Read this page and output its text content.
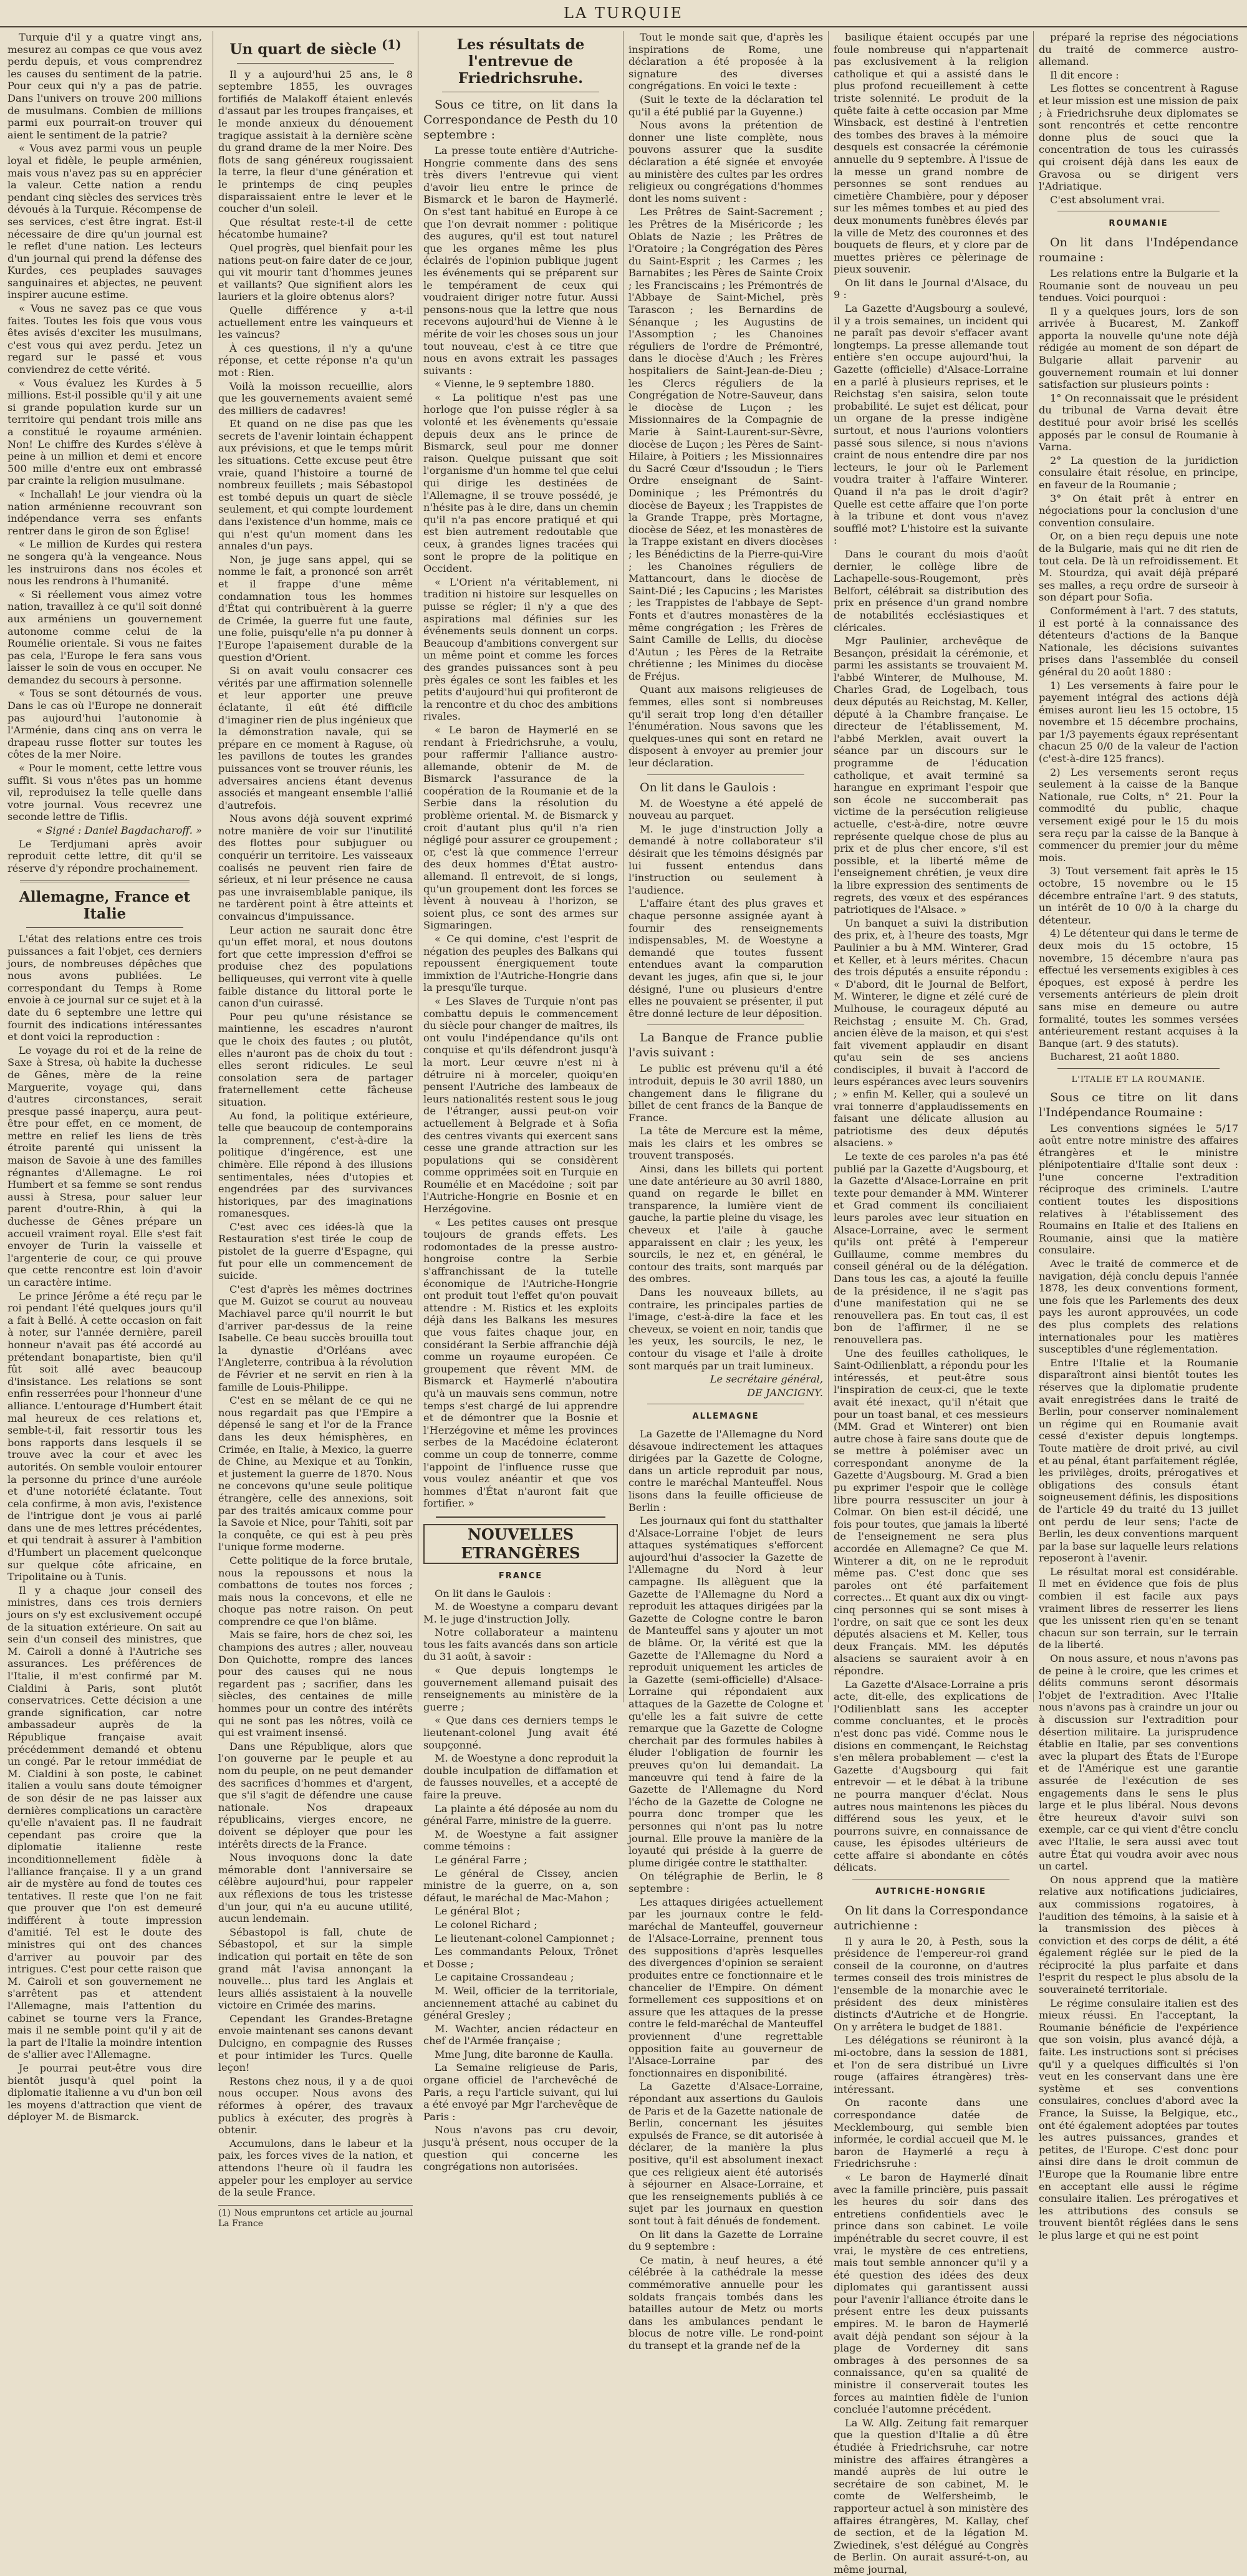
LA TURQUIE

Turquie d'il y a quatre vingt ans, mesurez au compas ce que vous avez perdu depuis, et vous comprendrez les causes du sentiment de la patrie. Pour ceux qui n'y a pas de patrie. Dans l'univers on trouve 200 millions de musulmans. Combien de millions parmi eux pourrait-on trouver qui aient le sentiment de la patrie?

« Vous avez parmi vous un peuple loyal et fidèle, le peuple arménien, mais vous n'avez pas su en apprécier la valeur. Cette nation a rendu pendant cinq siècles des services très dévoués à la Turquie. Récompense de ses services, c'est être ingrat. Est-il nécessaire de dire qu'un journal est le reflet d'une nation. Les lecteurs d'un journal qui prend la défense des Kurdes, ces peuplades sauvages sanguinaires et abjectes, ne peuvent inspirer aucune estime.

« Vous ne savez pas ce que vous faites. Toutes les fois que vous vous êtes avisés d'exciter les musulmans, c'est vous qui avez perdu. Jetez un regard sur le passé et vous conviendrez de cette vérité.

« Vous évaluez les Kurdes à 5 millions. Est-il possible qu'il y ait une si grande population kurde sur un territoire qui pendant trois mille ans a constitué le royaume arménien. Non! Le chiffre des Kurdes s'élève à peine à un million et demi et encore 500 mille d'entre eux ont embrassé par crainte la religion musulmane.

« Inchallah! Le jour viendra où la nation arménienne recouvrant son indépendance verra ses enfants rentrer dans le giron de son Église!

« Le million de Kurdes qui restera ne songera qu'à la vengeance. Nous les instruirons dans nos écoles et nous les rendrons à l'humanité.

« Si réellement vous aimez votre nation, travaillez à ce qu'il soit donné aux arméniens un gouvernement autonome comme celui de la Roumélie orientale. Si vous ne faites pas cela, l'Europe le fera sans vous laisser le soin de vous en occuper. Ne demandez du secours à personne.

« Tous se sont détournés de vous. Dans le cas où l'Europe ne donnerait pas aujourd'hui l'autonomie à l'Arménie, dans cinq ans on verra le drapeau russe flotter sur toutes les côtes de la mer Noire.

« Pour le moment, cette lettre vous suffit. Si vous n'êtes pas un homme vil, reproduisez la telle quelle dans votre journal. Vous recevrez une seconde lettre de Tiflis.

« Signé : Daniel Bagdacharoff. »

Le Terdjumani après avoir reproduit cette lettre, dit qu'il se réserve d'y répondre prochainement.

Allemagne, France et Italie

L'état des relations entre ces trois puissances a fait l'objet, ces derniers jours, de nombreuses dépêches que nous avons publiées. Le correspondant du Temps à Rome envoie à ce journal sur ce sujet et à la date du 6 septembre une lettre qui fournit des indications intéressantes et dont voici la reproduction :

Le voyage du roi et de la reine de Saxe à Stresa, où habite la duchesse de Gênes, mère de la reine Marguerite, voyage qui, dans d'autres circonstances, serait presque passé inaperçu, aura peut-être pour effet, en ce moment, de mettre en relief les liens de très étroite parenté qui unissent la maison de Savoie à une des familles régnantes d'Allemagne. Le roi Humbert et sa femme se sont rendus aussi à Stresa, pour saluer leur parent d'outre-Rhin, à qui la duchesse de Gênes prépare un accueil vraiment royal. Elle s'est fait envoyer de Turin la vaisselle et l'argenterie de cour, ce qui prouve que cette rencontre est loin d'avoir un caractère intime.

Le prince Jérôme a été reçu par le roi pendant l'été quelques jours qu'il a fait à Bellé. À cette occasion on fait à noter, sur l'année dernière, pareil honneur n'avait pas été accordé au prétendant bonapartiste, bien qu'il fût soit allé avec beaucoup d'insistance. Les relations se sont enfin resserrées pour l'honneur d'une alliance. L'entourage d'Humbert était mal heureux de ces relations et, semble-t-il, fait ressortir tous les bons rapports dans lesquels il se trouve avec la cour et avec les autorités. On semble vouloir entourer la personne du prince d'une auréole et d'une notoriété éclatante. Tout cela confirme, à mon avis, l'existence de l'intrigue dont je vous ai parlé dans une de mes lettres précédentes, et qui tendrait à assurer à l'ambition d'Humbert un placement quelconque sur quelque côte africaine, en Tripolitaine ou à Tunis.

Il y a chaque jour conseil des ministres, dans ces trois derniers jours on s'y est exclusivement occupé de la situation extérieure. On sait au sein d'un conseil des ministres, que M. Cairoli a donné à l'Autriche ses assurances. Les préférences de l'Italie, il m'est confirmé par M. Cialdini à Paris, sont plutôt conservatrices. Cette décision a une grande signification, car notre ambassadeur auprès de la République française avait précédemment demandé et obtenu un congé. Par le retour immédiat de M. Cialdini à son poste, le cabinet italien a voulu sans doute témoigner de son désir de ne pas laisser aux dernières complications un caractère qu'elle n'avaient pas. Il ne faudrait cependant pas croire que la diplomatie italienne reste inconditionnellement fidèle à l'alliance française. Il y a un grand air de mystère au fond de toutes ces tentatives. Il reste que l'on ne fait que prouver que l'on est demeuré indifférent à toute impression d'amitié. Tel est le doute des ministres qui ont des chances d'arriver au pouvoir par des intrigues. C'est pour cette raison que M. Cairoli et son gouvernement ne s'arrêtent pas et attendent l'Allemagne, mais l'attention du cabinet se tourne vers la France, mais il ne semble point qu'il y ait de la part de l'Italie la moindre intention de s'allier avec l'Allemagne.

Je pourrai peut-être vous dire bientôt jusqu'à quel point la diplomatie italienne a vu d'un bon œil les moyens d'attraction que vient de déployer M. de Bismarck.

Un quart de siècle $^{(1)}$

Il y a aujourd'hui 25 ans, le 8 septembre 1855, les ouvrages fortifiés de Malakoff étaient enlevés d'assaut par les troupes françaises, et le monde anxieux du dénouement tragique assistait à la dernière scène du grand drame de la mer Noire. Des flots de sang généreux rougissaient la terre, la fleur d'une génération et le printemps de cinq peuples disparaissaient entre le lever et le coucher d'un soleil.

Que résultat reste-t-il de cette hécatombe humaine?

Quel progrès, quel bienfait pour les nations peut-on faire dater de ce jour, qui vit mourir tant d'hommes jeunes et vaillants? Que signifient alors les lauriers et la gloire obtenus alors?

Quelle différence y a-t-il actuellement entre les vainqueurs et les vaincus?

À ces questions, il n'y a qu'une réponse, et cette réponse n'a qu'un mot : Rien.

Voilà la moisson recueillie, alors que les gouvernements avaient semé des milliers de cadavres!

Et quand on ne dise pas que les secrets de l'avenir lointain échappent aux prévisions, et que le temps mûrit les situations. Cette excuse peut être vraie, quand l'histoire a tourné de nombreux feuillets ; mais Sébastopol est tombé depuis un quart de siècle seulement, et qui compte lourdement dans l'existence d'un homme, mais ce qui n'est qu'un moment dans les annales d'un pays.

Non, je juge sans appel, qui se nomme le fait, a prononcé son arrêt et il frappe d'une même condamnation tous les hommes d'État qui contribuèrent à la guerre de Crimée, la guerre fut une faute, une folie, puisqu'elle n'a pu donner à l'Europe l'apaisement durable de la question d'Orient.

Si on avait voulu consacrer ces vérités par une affirmation solennelle et leur apporter une preuve éclatante, il eût été difficile d'imaginer rien de plus ingénieux que la démonstration navale, qui se prépare en ce moment à Raguse, où les pavillons de toutes les grandes puissances vont se trouver réunis, les adversaires anciens étant devenus associés et mangeant ensemble l'allié d'autrefois.

Nous avons déjà souvent exprimé notre manière de voir sur l'inutilité des flottes pour subjuguer ou conquérir un territoire. Les vaisseaux coalisés ne peuvent rien faire de sérieux, et ni leur présence ne causa pas une invraisemblable panique, ils ne tardèrent point à être atteints et convaincus d'impuissance.

Leur action ne saurait donc être qu'un effet moral, et nous doutons fort que cette impression d'effroi se produise chez des populations belliqueuses, qui verront vite à quelle faible distance du littoral porte le canon d'un cuirassé.

Pour peu qu'une résistance se maintienne, les escadres n'auront que le choix des fautes ; ou plutôt, elles n'auront pas de choix du tout : elles seront ridicules. Le seul consolation sera de partager fraternellement cette fâcheuse situation.

Au fond, la politique extérieure, telle que beaucoup de contemporains la comprennent, c'est-à-dire la politique d'ingérence, est une chimère. Elle répond à des illusions sentimentales, nées d'utopies et engendrées par des survivances historiques, par des imaginations romanesques.

C'est avec ces idées-là que la Restauration s'est tirée le coup de pistolet de la guerre d'Espagne, qui fut pour elle un commencement de suicide.

C'est d'après les mêmes doctrines que M. Guizot se courut au nouveau Machiavel parce qu'il nourrit le but d'arriver par-dessus de la reine Isabelle. Ce beau succès brouilla tout la dynastie d'Orléans avec l'Angleterre, contribua à la révolution de Février et ne servit en rien à la famille de Louis-Philippe.

C'est en se mêlant de ce qui ne nous regardait pas que l'Empire a dépensé le sang et l'or de la France dans les deux hémisphères, en Crimée, en Italie, à Mexico, la guerre de Chine, au Mexique et au Tonkin, et justement la guerre de 1870. Nous ne concevons qu'une seule politique étrangère, celle des annexions, soit par des traités amicaux comme pour la Savoie et Nice, pour Tahiti, soit par la conquête, ce qui est à peu près l'unique forme moderne.

Cette politique de la force brutale, nous la repoussons et nous la combattons de toutes nos forces ; mais nous la concevons, et elle ne choque pas notre raison. On peut comprendre ce que l'on blâme.

Mais se faire, hors de chez soi, les champions des autres ; aller, nouveau Don Quichotte, rompre des lances pour des causes qui ne nous regardent pas ; sacrifier, dans les siècles, des centaines de mille hommes pour un contre des intérêts qui ne sont pas les nôtres, voilà ce qui est vraiment insensé.

Dans une République, alors que l'on gouverne par le peuple et au nom du peuple, on ne peut demander des sacrifices d'hommes et d'argent, que s'il s'agit de défendre une cause nationale. Nos drapeaux républicains, vierges encore, ne doivent se déployer que pour les intérêts directs de la France.

Nous invoquons donc la date mémorable dont l'anniversaire se célèbre aujourd'hui, pour rappeler aux réflexions de tous les tristesse d'un jour, qui n'a eu aucune utilité, aucun lendemain.

Sébastopol is fall, chute de Sébastopol, et sur la simple indication qui portait en tête de son grand mât l'avisa annonçant la nouvelle... plus tard les Anglais et leurs alliés assistaient à la nouvelle victoire en Crimée des marins.

Cependant les Grandes-Bretagne envoie maintenant ses canons devant Dulcigno, en compagnie des Russes et pour intimider les Turcs. Quelle leçon!

Restons chez nous, il y a de quoi nous occuper. Nous avons des réformes à opérer, des travaux publics à exécuter, des progrès à obtenir.

Accumulons, dans le labeur et la paix, les forces vives de la nation, et attendons l'heure où il faudra les appeler pour les employer au service de la seule France.

(1) Nous empruntons cet article au journal La France

Les résultats de l'entrevue de Friedrichsruhe.

Sous ce titre, on lit dans la Correspondance de Pesth du 10 septembre :

La presse toute entière d'Autriche-Hongrie commente dans des sens très divers l'entrevue qui vient d'avoir lieu entre le prince de Bismarck et le baron de Haymerlé. On s'est tant habitué en Europe à ce que l'on devrait nommer : politique des augures, qu'il est tout naturel que les organes même les plus éclairés de l'opinion publique jugent les événements qui se préparent sur le tempérament de ceux qui voudraient diriger notre futur. Aussi pensons-nous que la lettre que nous recevons aujourd'hui de Vienne à le mérite de voir les choses sous un jour tout nouveau, c'est à ce titre que nous en avons extrait les passages suivants :

« Vienne, le 9 septembre 1880.

« La politique n'est pas une horloge que l'on puisse régler à sa volonté et les évènements qu'essaie depuis deux ans le prince de Bismarck, seul pour me donner raison. Quelque puissant que soit l'organisme d'un homme tel que celui qui dirige les destinées de l'Allemagne, il se trouve possédé, je n'hésite pas à le dire, dans un chemin qu'il n'a pas encore pratiqué et qui est bien autrement redoutable que ceux, à grandes lignes tracées qui sont le propre de la politique en Occident.

« L'Orient n'a véritablement, ni tradition ni histoire sur lesquelles on puisse se régler; il n'y a que des aspirations mal définies sur les événements seuls donnent un corps. Beaucoup d'ambitions convergent sur un même point et comme les forces des grandes puissances sont à peu près égales ce sont les faibles et les petits d'aujourd'hui qui profiteront de la rencontre et du choc des ambitions rivales.

« Le baron de Haymerlé en se rendant à Friedrichsruhe, a voulu, pour raffermir l'alliance austro-allemande, obtenir de M. de Bismarck l'assurance de la coopération de la Roumanie et de la Serbie dans la résolution du problème oriental. M. de Bismarck y croit d'autant plus qu'il n'a rien négligé pour assurer ce groupement ; or, c'est là que commence l'erreur des deux hommes d'État austro-allemand. Il entrevoit, de si longs, qu'un groupement dont les forces se lèvent à nouveau à l'horizon, se soient plus, ce sont des armes sur Sigmaringen.

« Ce qui domine, c'est l'esprit de négation des peuples des Balkans qui repoussent énergiquement toute immixtion de l'Autriche-Hongrie dans la presqu'île turque.

« Les Slaves de Turquie n'ont pas combattu depuis le commencement du siècle pour changer de maîtres, ils ont voulu l'indépendance qu'ils ont conquise et qu'ils défendront jusqu'à la mort. Leur œuvre n'est ni à détruire ni à morceler, quoiqu'en pensent l'Autriche des lambeaux de leurs nationalités restent sous le joug de l'étranger, aussi peut-on voir actuellement à Belgrade et à Sofia des centres vivants qui exercent sans cesse une grande attraction sur les populations qui se considèrent comme opprimées soit en Turquie en Roumélie et en Macédoine ; soit par l'Autriche-Hongrie en Bosnie et en Herzégovine.

« Les petites causes ont presque toujours de grands effets. Les rodomontades de la presse austro-hongroise contre la Serbie s'affranchissant de la tutelle économique de l'Autriche-Hongrie ont produit tout l'effet qu'on pouvait attendre : M. Ristics et les exploits déjà dans les Balkans les mesures que vous faites chaque jour, en considérant la Serbie affranchie déjà comme un royaume européen. Ce groupement que rêvent MM. de Bismarck et Haymerlé n'aboutira qu'à un mauvais sens commun, notre temps s'est chargé de lui apprendre et de démontrer que la Bosnie et l'Herzégovine et même les provinces serbes de la Macédoine éclateront comme un coup de tonnerre, comme l'appoint de l'influence russe que vous voulez anéantir et que vos hommes d'État n'auront fait que fortifier. »

NOUVELLES ETRANGÈRES
FRANCE

On lit dans le Gaulois :

M. de Woestyne a comparu devant M. le juge d'instruction Jolly.

Notre collaborateur a maintenu tous les faits avancés dans son article du 31 août, à savoir :

« Que depuis longtemps le gouvernement allemand puisait des renseignements au ministère de la guerre ;

« Que dans ces derniers temps le lieutenant-colonel Jung avait été soupçonné.

M. de Woestyne a donc reproduit la double inculpation de diffamation et de fausses nouvelles, et a accepté de faire la preuve.

La plainte a été déposée au nom du général Farre, ministre de la guerre.

M. de Woestyne a fait assigner comme témoins :

Le général Farre ;

Le général de Cissey, ancien ministre de la guerre, on a, son défaut, le maréchal de Mac-Mahon ;

Le général Blot ;

Le colonel Richard ;

Le lieutenant-colonel Campionnet ;

Les commandants Peloux, Trônet et Dosse ;

Le capitaine Crossandeau ;

M. Weil, officier de la territoriale, anciennement attaché au cabinet du général Gresley ;

M. Wachter, ancien rédacteur en chef de l'Armée française ;

Mme Jung, dite baronne de Kaulla.

La Semaine religieuse de Paris, organe officiel de l'archevêché de Paris, a reçu l'article suivant, qui lui a été envoyé par Mgr l'archevêque de Paris :

Nous n'avons pas cru devoir, jusqu'à présent, nous occuper de la question qui concerne les congrégations non autorisées.

Tout le monde sait que, d'après les inspirations de Rome, une déclaration a été proposée à la signature des diverses congrégations. En voici le texte :

(Suit le texte de la déclaration tel qu'il a été publié par la Guyenne.)

Nous avons la prétention de donner une liste complète, nous pouvons assurer que la susdite déclaration a été signée et envoyée au ministère des cultes par les ordres religieux ou congrégations d'hommes dont les noms suivent :

Les Prêtres de Saint-Sacrement ; les Prêtres de la Miséricorde ; les Oblats de Nazie ; les Prêtres de l'Oratoire ; la Congrégation des Pères du Saint-Esprit ; les Carmes ; les Barnabites ; les Pères de Sainte Croix ; les Franciscains ; les Prémontrés de l'Abbaye de Saint-Michel, près Tarascon ; les Bernardins de Sénanque ; les Augustins de l'Assomption ; les Chanoines réguliers de l'ordre de Prémontré, dans le diocèse d'Auch ; les Frères hospitaliers de Saint-Jean-de-Dieu ; les Clercs réguliers de la Congrégation de Notre-Sauveur, dans le diocèse de Luçon ; les Missionnaires de la Compagnie de Marie à Saint-Laurent-sur-Sèvre, diocèse de Luçon ; les Pères de Saint-Hilaire, à Poitiers ; les Missionnaires du Sacré Cœur d'Issoudun ; le Tiers Ordre enseignant de Saint-Dominique ; les Prémontrés du diocèse de Bayeux ; les Trappistes de la Grande Trappe, près Mortagne, diocèse de Séez, et les monastères de la Trappe existant en divers diocèses ; les Bénédictins de la Pierre-qui-Vire ; les Chanoines réguliers de Mattancourt, dans le diocèse de Saint-Dié ; les Capucins ; les Maristes ; les Trappistes de l'abbaye de Sept-Fonts et d'autres monastères de la même congrégation ; les Frères de Saint Camille de Lellis, du diocèse d'Autun ; les Pères de la Retraite chrétienne ; les Minimes du diocèse de Fréjus.

Quant aux maisons religieuses de femmes, elles sont si nombreuses qu'il serait trop long d'en détailler l'énumération. Nous savons que les quelques-unes qui sont en retard ne disposent à envoyer au premier jour leur déclaration.

On lit dans le Gaulois :

M. de Woestyne a été appelé de nouveau au parquet.

M. le juge d'instruction Jolly a demandé à notre collaborateur s'il désirait que les témoins désignés par lui fussent entendus dans l'instruction ou seulement à l'audience.

L'affaire étant des plus graves et chaque personne assignée ayant à fournir des renseignements indispensables, M. de Woestyne a demandé que toutes fussent entendues avant la comparution devant les juges, afin que si, le jour désigné, l'une ou plusieurs d'entre elles ne pouvaient se présenter, il put être donné lecture de leur déposition.

La Banque de France publie l'avis suivant :

Le public est prévenu qu'il a été introduit, depuis le 30 avril 1880, un changement dans le filigrane du billet de cent francs de la Banque de France.

La tête de Mercure est la même, mais les clairs et les ombres se trouvent transposés.

Ainsi, dans les billets qui portent une date antérieure au 30 avril 1880, quand on regarde le billet en transparence, la lumière vient de gauche, la partie pleine du visage, les cheveux et l'aile à gauche apparaissent en clair ; les yeux, les sourcils, le nez et, en général, le contour des traits, sont marqués par des ombres.

Dans les nouveaux billets, au contraire, les principales parties de l'image, c'est-à-dire la face et les cheveux, se voient en noir, tandis que les yeux, les sourcils, le nez, le contour du visage et l'aile à droite sont marqués par un trait lumineux.

Le secrétaire général,

DE JANCIGNY.

ALLEMAGNE

La Gazette de l'Allemagne du Nord désavoue indirectement les attaques dirigées par la Gazette de Cologne, dans un article reproduit par nous, contre le maréchal Manteuffel. Nous lisons dans la feuille officieuse de Berlin :

Les journaux qui font du statthalter d'Alsace-Lorraine l'objet de leurs attaques systématiques s'efforcent aujourd'hui d'associer la Gazette de l'Allemagne du Nord à leur campagne. Ils allèguent que la Gazette de l'Allemagne du Nord a reproduit les attaques dirigées par la Gazette de Cologne contre le baron de Manteuffel sans y ajouter un mot de blâme. Or, la vérité est que la Gazette de l'Allemagne du Nord a reproduit uniquement les articles de la Gazette (semi-officielle) d'Alsace-Lorraine qui répondaient aux attaques de la Gazette de Cologne et qu'elle les a fait suivre de cette remarque que la Gazette de Cologne cherchait par des formules habiles à éluder l'obligation de fournir les preuves qu'on lui demandait. La manœuvre qui tend à faire de la Gazette de l'Allemagne du Nord l'écho de la Gazette de Cologne ne pourra donc tromper que les personnes qui n'ont pas lu notre journal. Elle prouve la manière de la loyauté qui préside à la guerre de plume dirigée contre le statthalter.

On télégraphie de Berlin, le 8 septembre :

Les attaques dirigées actuellement par les journaux contre le feld-maréchal de Manteuffel, gouverneur de l'Alsace-Lorraine, prennent tous des suppositions d'après lesquelles des divergences d'opinion se seraient produites entre ce fonctionnaire et le chancelier de l'Empire. On dément formellement ces suppositions et on assure que les attaques de la presse contre le feld-maréchal de Manteuffel proviennent d'une regrettable opposition faite au gouverneur de l'Alsace-Lorraine par des fonctionnaires en disponibilité.

La Gazette d'Alsace-Lorraine, répondant aux assertions du Gaulois de Paris et de la Gazette nationale de Berlin, concernant les jésuites expulsés de France, se dit autorisée à déclarer, de la manière la plus positive, qu'il est absolument inexact que ces religieux aient été autorisés à séjourner en Alsace-Lorraine, et que les renseignements publiés à ce sujet par les journaux en question sont tout à fait dénués de fondement.

On lit dans la Gazette de Lorraine du 9 septembre :

Ce matin, à neuf heures, a été célébrée à la cathédrale la messe commémorative annuelle pour les soldats français tombés dans les batailles autour de Metz ou morts dans les ambulances pendant le blocus de notre ville. Le rond-point du transept et la grande nef de la

basilique étaient occupés par une foule nombreuse qui n'appartenait pas exclusivement à la religion catholique et qui a assisté dans le plus profond recueillement à cette triste solennité. Le produit de la quête faite à cette occasion par Mme Winsback, est destiné à l'entretien des tombes des braves à la mémoire desquels est consacrée la cérémonie annuelle du 9 septembre. À l'issue de la messe un grand nombre de personnes se sont rendues au cimetière Chambière, pour y déposer sur les mêmes tombes et au pied des deux monuments funèbres élevés par la ville de Metz des couronnes et des bouquets de fleurs, et y clore par de muettes prières ce pèlerinage de pieux souvenir.

On lit dans le Journal d'Alsace, du 9 :

La Gazette d'Augsbourg a soulevé, il y a trois semaines, un incident qui ne paraît pas devoir s'effacer avant longtemps. La presse allemande tout entière s'en occupe aujourd'hui, la Gazette (officielle) d'Alsace-Lorraine en a parlé à plusieurs reprises, et le Reichstag s'en saisira, selon toute probabilité. Le sujet est délicat, pour un organe de la presse indigène surtout, et nous l'aurions volontiers passé sous silence, si nous n'avions craint de nous entendre dire par nos lecteurs, le jour où le Parlement voudra traiter à l'affaire Winterer. Quand il n'a pas le droit d'agir? Quelle est cette affaire que l'on porte à la tribune et dont vous n'avez soufflé mot? L'histoire est la suivante :

Dans le courant du mois d'août dernier, le collège libre de Lachapelle-sous-Rougemont, près Belfort, célébrait sa distribution des prix en présence d'un grand nombre de notabilités ecclésiastiques et cléricales.

Mgr Paulinier, archevêque de Besançon, présidait la cérémonie, et parmi les assistants se trouvaient M. l'abbé Winterer, de Mulhouse, M. Charles Grad, de Logelbach, tous deux députés au Reichstag, M. Keller, député à la Chambre française. Le directeur de l'établissement, M. l'abbé Merklen, avait ouvert la séance par un discours sur le programme de l'éducation catholique, et avait terminé sa harangue en exprimant l'espoir que son école ne succomberait pas victime de la persécution religieuse actuelle, c'est-à-dire, notre œuvre représente quelque chose de plus au prix et de plus cher encore, s'il est possible, et la liberté même de l'enseignement chrétien, je veux dire la libre expression des sentiments de regrets, des vœux et des espérances patriotiques de l'Alsace. »

Un banquet a suivi la distribution des prix, et, à l'heure des toasts, Mgr Paulinier a bu à MM. Winterer, Grad et Keller, et à leurs mérites. Chacun des trois députés a ensuite répondu : « D'abord, dit le Journal de Belfort, M. Winterer, le digne et zélé curé de Mulhouse, le courageux député au Reichstag ; ensuite M. Ch. Grad, ancien élève de la maison, et qui s'est fait vivement applaudir en disant qu'au sein de ses anciens condisciples, il buvait à l'accord de leurs espérances avec leurs souvenirs ; » enfin M. Keller, qui a soulevé un vrai tonnerre d'applaudissements en faisant une délicate allusion au patriotisme des deux députés alsaciens. »

Le texte de ces paroles n'a pas été publié par la Gazette d'Augsbourg, et la Gazette d'Alsace-Lorraine en prit texte pour demander à MM. Winterer et Grad comment ils conciliaient leurs paroles avec leur situation en Alsace-Lorraine, avec le serment qu'ils ont prêté à l'empereur Guillaume, comme membres du conseil général ou de la délégation. Dans tous les cas, a ajouté la feuille de la présidence, il ne s'agit pas d'une manifestation qui ne se renouvellera pas. En tout cas, il est bon de l'affirmer, il ne se renouvellera pas.

Une des feuilles catholiques, le Saint-Odilienblatt, a répondu pour les intéressés, et peut-être sous l'inspiration de ceux-ci, que le texte avait été inexact, qu'il n'était que pour un toast banal, et ces messieurs (MM. Grad et Winterer) ont bien autre chose à faire sans doute que de se mettre à polémiser avec un correspondant anonyme de la Gazette d'Augsbourg. M. Grad a bien pu exprimer l'espoir que le collège libre pourra ressusciter un jour à Colmar. On bien est-il décidé, une fois pour toutes, que jamais la liberté de l'enseignement ne sera plus accordée en Allemagne? Ce que M. Winterer a dit, on ne le reproduit même pas. C'est donc que ses paroles ont été parfaitement correctes... Et quant aux dix ou vingt-cinq personnes qui se sont mises à l'ordre, on sait que ce sont les deux députés alsaciens et M. Keller, tous deux Français. MM. les députés alsaciens se sauraient avoir à en répondre.

La Gazette d'Alsace-Lorraine a pris acte, dit-elle, des explications de l'Odilienblatt sans les accepter comme concluantes, et le procès n'est donc pas vidé. Comme nous le disions en commençant, le Reichstag s'en mêlera probablement — c'est la Gazette d'Augsbourg qui fait entrevoir — et le débat à la tribune ne pourra manquer d'éclat. Nous autres nous maintenons les pièces du différend sous les yeux, et le pourrons suivre, en connaissance de cause, les épisodes ultérieurs de cette affaire si abondante en côtés délicats.

AUTRICHE-HONGRIE

On lit dans la Correspondance autrichienne :

Il y aura le 20, à Pesth, sous la présidence de l'empereur-roi grand conseil de la couronne, on d'autres termes conseil des trois ministres de l'ensemble de la monarchie avec le président des deux ministères distincts d'Autriche et de Hongrie. On y arrêtera le budget de 1881.

Les délégations se réuniront à la mi-octobre, dans la session de 1881, et l'on de sera distribué un Livre rouge (affaires étrangères) très-intéressant.

On raconte dans une correspondance datée de Mecklembourg, qui semble bien informée, le cordial accueil que M. le baron de Haymerlé a reçu à Friedrichsruhe :

« Le baron de Haymerlé dînait avec la famille princière, puis passait les heures du soir dans des entretiens confidentiels avec le prince dans son cabinet. Le voile impénétrable du secret couvre, il est vrai, le mystère de ces entretiens, mais tout semble annoncer qu'il y a été question des idées des deux diplomates qui garantissent aussi pour l'avenir l'alliance étroite dans le présent entre les deux puissants empires. M. le baron de Haymerlé avait déjà pendant son séjour à la plage de Vorderney dit sans ombrages à des personnes de sa connaissance, qu'en sa qualité de ministre il conserverait toutes les forces au maintien fidèle de l'union concluée l'automne précédent.

La W. Allg. Zeitung fait remarquer que la question d'Italie a dû être étudiée à Friedrichsruhe, car notre ministre des affaires étrangères a mandé auprès de lui outre le secrétaire de son cabinet, M. le comte de Welfersheimb, le rapporteur actuel à son ministère des affaires étrangères, M. Kallay, chef de section, et de la légation M. Zwiedinek, s'est délégué au Congrès de Berlin. On aurait assuré-t-on, au même journal,

préparé la reprise des négociations du traité de commerce austro-allemand.

Il dit encore :

Les flottes se concentrent à Raguse et leur mission est une mission de paix ; à Friedrichsruhe deux diplomates se sont rencontrés et cette rencontre donne plus de souci que la concentration de tous les cuirassés qui croisent déjà dans les eaux de Gravosa ou se dirigent vers l'Adriatique.

C'est absolument vrai.

ROUMANIE

On lit dans l'Indépendance roumaine :

Les relations entre la Bulgarie et la Roumanie sont de nouveau un peu tendues. Voici pourquoi :

Il y a quelques jours, lors de son arrivée à Bucarest, M. Zankoff apporta la nouvelle qu'une note déjà rédigée au moment de son départ de Bulgarie allait parvenir au gouvernement roumain et lui donner satisfaction sur plusieurs points :

1° On reconnaissait que le président du tribunal de Varna devait être destitué pour avoir brisé les scellés apposés par le consul de Roumanie à Varna.

2° La question de la juridiction consulaire était résolue, en principe, en faveur de la Roumanie ;

3° On était prêt à entrer en négociations pour la conclusion d'une convention consulaire.

Or, on a bien reçu depuis une note de la Bulgarie, mais qui ne dit rien de tout cela. De là un refroidissement. Et M. Stourdza, qui avait déjà préparé ses malles, a reçu ordre de surseoir à son départ pour Sofia.

Conformément à l'art. 7 des statuts, il est porté à la connaissance des détenteurs d'actions de la Banque Nationale, les décisions suivantes prises dans l'assemblée du conseil général du 20 août 1880 :

1) Les versements à faire pour le payement intégral des actions déjà émises auront lieu les 15 octobre, 15 novembre et 15 décembre prochains, par 1/3 payements égaux représentant chacun 25 0/0 de la valeur de l'action (c'est-à-dire 125 francs).

2) Les versements seront reçus seulement à la caisse de la Banque Nationale, rue Colts, n° 21. Pour la commodité du public, chaque versement exigé pour le 15 du mois sera reçu par la caisse de la Banque à commencer du premier jour du même mois.

3) Tout versement fait après le 15 octobre, 15 novembre ou le 15 décembre entraîne l'art. 9 des statuts, un intérêt de 10 0/0 à la charge du détenteur.

4) Le détenteur qui dans le terme de deux mois du 15 octobre, 15 novembre, 15 décembre n'aura pas effectué les versements exigibles à ces époques, est exposé à perdre les versements antérieurs de plein droit sans mise en demeure ou autre formalité, toutes les sommes versées antérieurement restant acquises à la Banque (art. 9 des statuts).

Bucharest, 21 août 1880.

L'ITALIE ET LA ROUMANIE.

Sous ce titre on lit dans l'Indépendance Roumaine :

Les conventions signées le 5/17 août entre notre ministre des affaires étrangères et le ministre plénipotentiaire d'Italie sont deux : l'une concerne l'extradition réciproque des criminels. L'autre contient toutes les dispositions relatives à l'établissement des Roumains en Italie et des Italiens en Roumanie, ainsi que la matière consulaire.

Avec le traité de commerce et de navigation, déjà conclu depuis l'année 1878, les deux conventions forment, une fois que les Parlements des deux pays les auront approuvées, un code des plus complets des relations internationales pour les matières susceptibles d'une réglementation.

Entre l'Italie et la Roumanie disparaîtront ainsi bientôt toutes les réserves que la diplomatie prudente avait enregistrées dans le traité de Berlin, pour conserver nominalement un régime qui en Roumanie avait cessé d'exister depuis longtemps. Toute matière de droit privé, au civil et au pénal, étant parfaitement réglée, les privilèges, droits, prérogatives et obligations des consuls étant soigneusement définis, les dispositions de l'article 49 du traité du 13 juillet ont perdu de leur sens; l'acte de Berlin, les deux conventions marquent par la base sur laquelle leurs relations reposeront à l'avenir.

Le résultat moral est considérable. Il met en évidence que fois de plus combien il est facile aux pays vraiment libres de resserrer les liens que les unissent rien qu'en se tenant chacun sur son terrain, sur le terrain de la liberté.

On nous assure, et nous n'avons pas de peine à le croire, que les crimes et délits communs seront désormais l'objet de l'extradition. Avec l'Italie nous n'avons pas à craindre un jour ou à discussion sur l'extradition pour désertion militaire. La jurisprudence établie en Italie, par ses conventions avec la plupart des États de l'Europe et de l'Amérique est une garantie assurée de l'exécution de ses engagements dans le sens le plus large et le plus libéral. Nous devons être heureux d'avoir suivi son exemple, car ce qui vient d'être conclu avec l'Italie, le sera aussi avec tout autre État qui voudra avoir avec nous un cartel.

On nous apprend que la matière relative aux notifications judiciaires, aux commissions rogatoires, à l'audition des témoins, à la saisie et à la transmission des pièces à conviction et des corps de délit, a été également réglée sur le pied de la réciprocité la plus parfaite et dans l'esprit du respect le plus absolu de la souveraineté territoriale.

Le régime consulaire italien est des mieux réussi. En l'acceptant, la Roumanie bénéficie de l'expérience que son voisin, plus avancé déjà, a faite. Les instructions sont si précises qu'il y a quelques difficultés si l'on veut en les conservant dans une ère système et ses conventions consulaires, conclues d'abord avec la France, la Suisse, la Belgique, etc., ont été également adoptées par toutes les autres puissances, grandes et petites, de l'Europe. C'est donc pour ainsi dire dans le droit commun de l'Europe que la Roumanie libre entre en acceptant elle aussi le régime consulaire italien. Les prérogatives et les attributions des consuls se trouvent bientôt réglées dans le sens le plus large et qui ne est point
